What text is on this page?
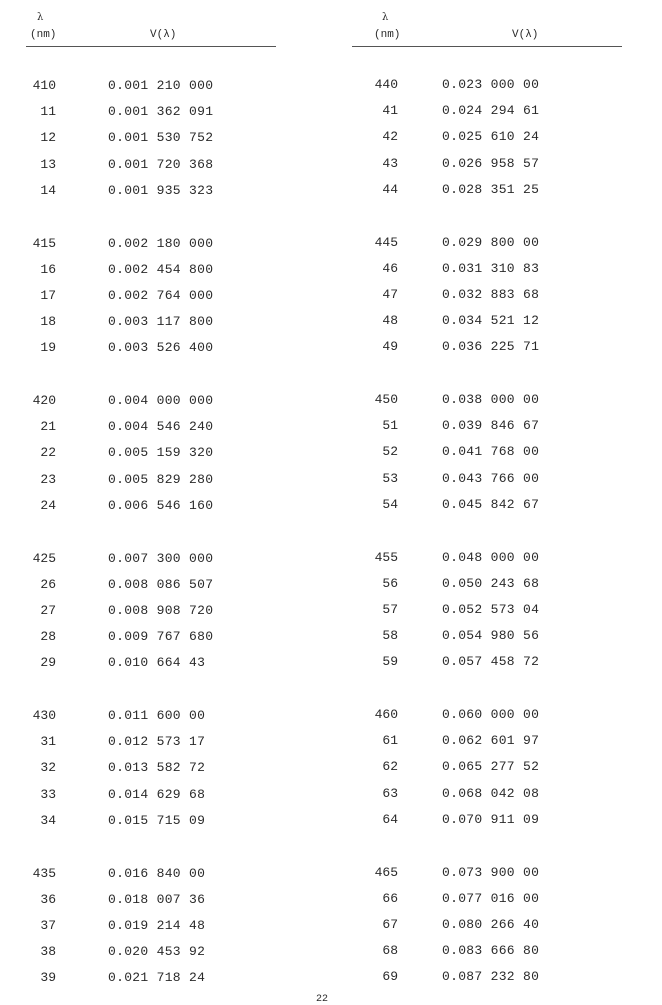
λ
(nm)	V(λ)
λ
(nm)	V(λ)
410	0.001 210 000
11	0.001 362 091
12	0.001 530 752
13	0.001 720 368
14	0.001 935 323
415	0.002 180 000
16	0.002 454 800
17	0.002 764 000
18	0.003 117 800
19	0.003 526 400
420	0.004 000 000
21	0.004 546 240
22	0.005 159 320
23	0.005 829 280
24	0.006 546 160
425	0.007 300 000
26	0.008 086 507
27	0.008 908 720
28	0.009 767 680
29	0.010 664 43
430	0.011 600 00
31	0.012 573 17
32	0.013 582 72
33	0.014 629 68
34	0.015 715 09
435	0.016 840 00
36	0.018 007 36
37	0.019 214 48
38	0.020 453 92
39	0.021 718 24
440	0.023 000 00
41	0.024 294 61
42	0.025 610 24
43	0.026 958 57
44	0.028 351 25
445	0.029 800 00
46	0.031 310 83
47	0.032 883 68
48	0.034 521 12
49	0.036 225 71
450	0.038 000 00
51	0.039 846 67
52	0.041 768 00
53	0.043 766 00
54	0.045 842 67
455	0.048 000 00
56	0.050 243 68
57	0.052 573 04
58	0.054 980 56
59	0.057 458 72
460	0.060 000 00
61	0.062 601 97
62	0.065 277 52
63	0.068 042 08
64	0.070 911 09
465	0.073 900 00
66	0.077 016 00
67	0.080 266 40
68	0.083 666 80
69	0.087 232 80
22
